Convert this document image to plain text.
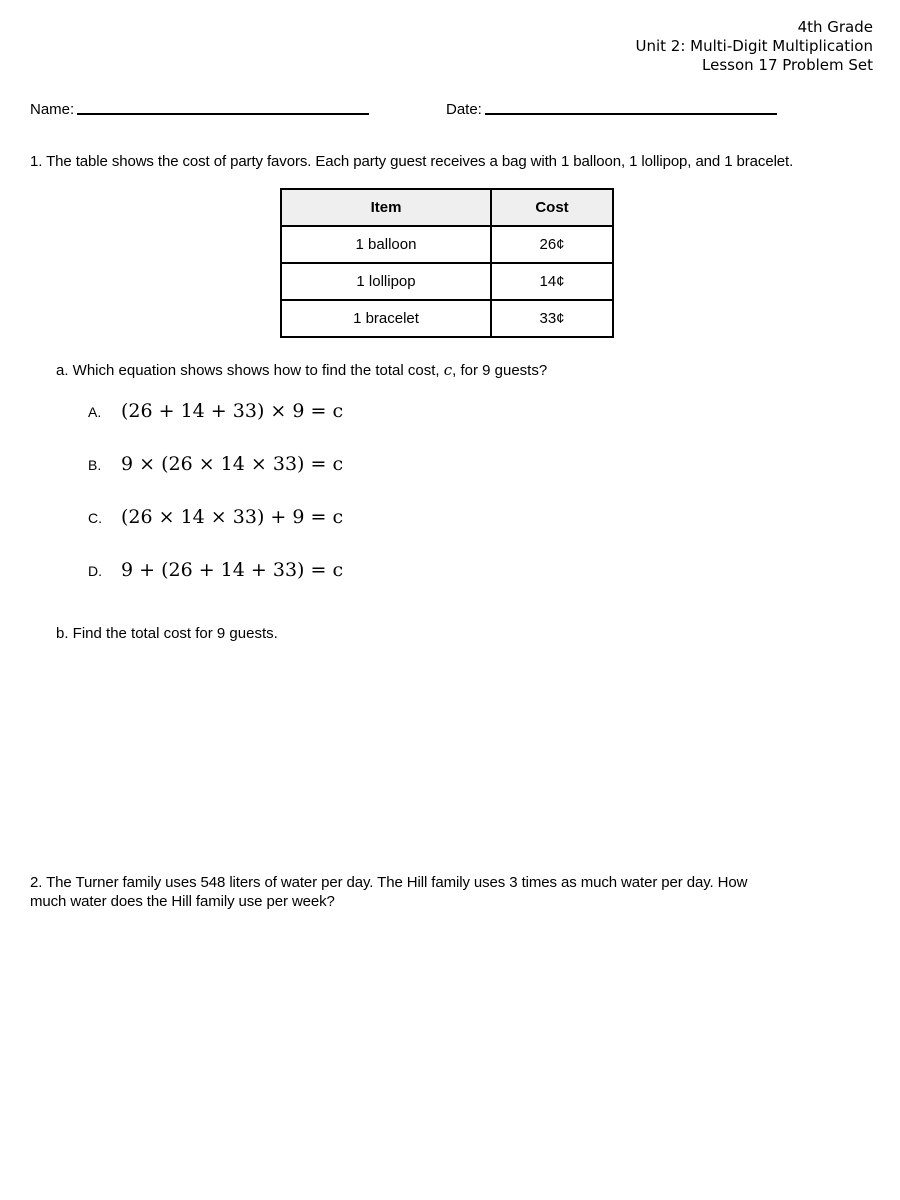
4th Grade
Unit 2: Multi-Digit Multiplication
Lesson 17 Problem Set
Name:	Date:
1. The table shows the cost of party favors. Each party guest receives a bag with 1 balloon, 1 lollipop, and 1 bracelet.
Item	Cost
1 balloon	26¢
1 lollipop	14¢
1 bracelet	33¢
a. Which equation shows shows how to find the total cost, c, for 9 guests?
A.	(26 + 14 + 33) × 9 = c
B.	9 × (26 × 14 × 33) = c
C.	(26 × 14 × 33) + 9 = c
D.	9 + (26 + 14 + 33) = c
b. Find the total cost for 9 guests.
2. The Turner family uses 548 liters of water per day. The Hill family uses 3 times as much water per day. How
much water does the Hill family use per week?
